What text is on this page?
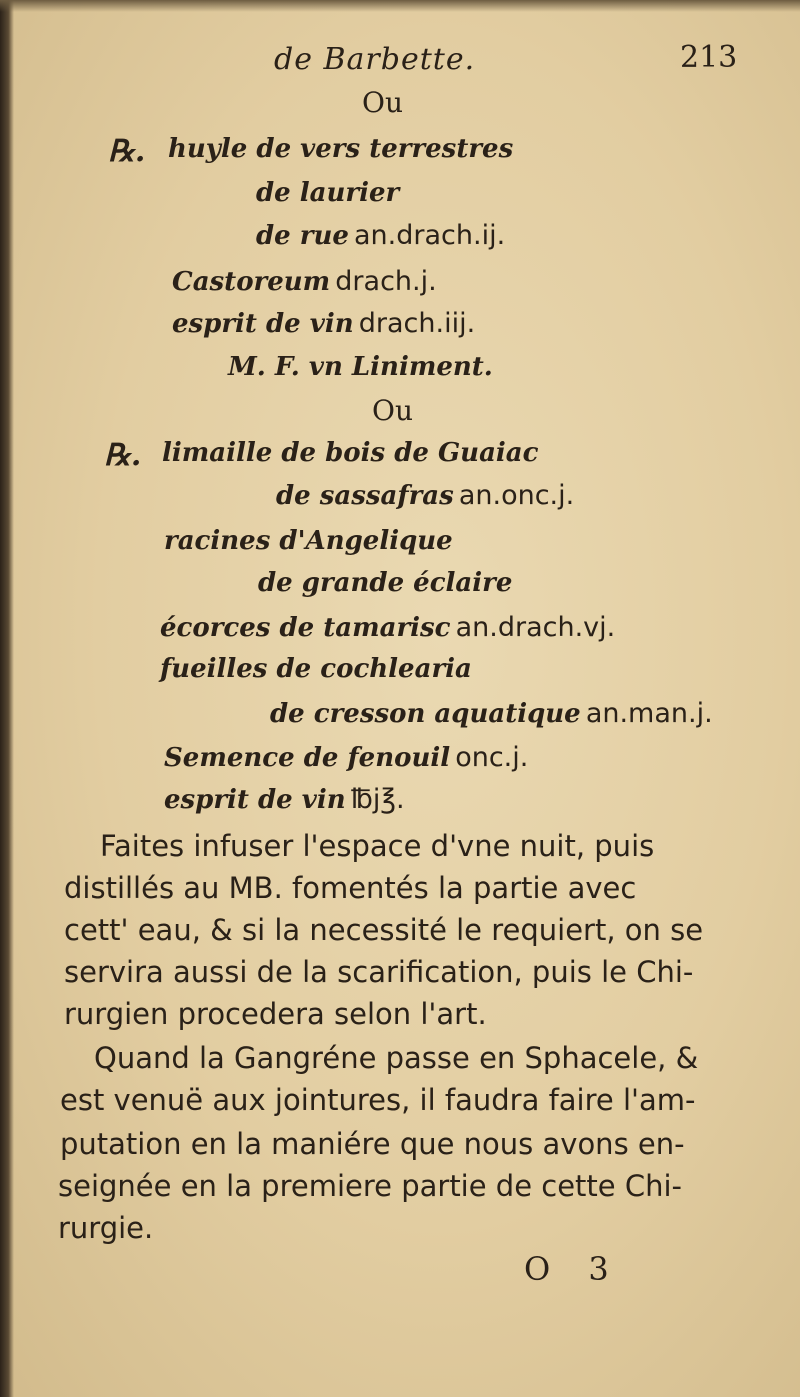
de Barbette.	213
Ou
℞. huyle de vers terrestres
de laurier
de rue an.drach.ij.
Castoreum drach.j.
esprit de vin drach.iij.
M. F. vn Liniment.
Ou
℞. limaille de bois de Guaiac
de sassafras an.onc.j.
racines d'Angelique
de grande éclaire
écorces de tamarisc an.drach.vj.
fueilles de cochlearia
de cresson aquatique an.man.j.
Semence de fenouil onc.j.
esprit de vin ℔j℥.
Faites infuser l'espace d'vne nuit, puis
distillés au MB. fomentés la partie avec
cett' eau, & si la necessité le requiert, on se
servira aussi de la scarification, puis le Chi-
rurgien procedera selon l'art.
Quand la Gangréne passe en Sphacele, &
est venuë aux jointures, il faudra faire l'am-
putation en la maniére que nous avons en-
seignée en la premiere partie de cette Chi-
rurgie.
O 3
